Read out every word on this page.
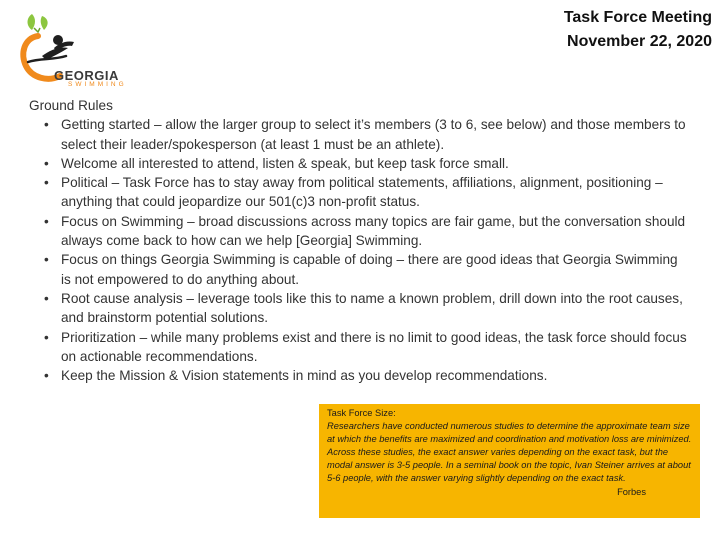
GEORGIA
SWIMMING
Task Force Meeting
November 22, 2020
Ground Rules
• Getting started – allow the larger group to select it’s members (3 to 6, see below) and those members to select their leader/spokesperson (at least 1 must be an athlete).
• Welcome all interested to attend, listen & speak, but keep task force small.
• Political – Task Force has to stay away from political statements, affiliations, alignment, positioning – anything that could jeopardize our 501(c)3 non-profit status.
• Focus on Swimming – broad discussions across many topics are fair game, but the conversation should always come back to how can we help [Georgia] Swimming.
• Focus on things Georgia Swimming is capable of doing – there are good ideas that Georgia Swimming is not empowered to do anything about.
• Root cause analysis – leverage tools like this to name a known problem, drill down into the root causes, and brainstorm potential solutions.
• Prioritization – while many problems exist and there is no limit to good ideas, the task force should focus on actionable recommendations.
• Keep the Mission & Vision statements in mind as you develop recommendations.
Task Force Size:
Researchers have conducted numerous studies to determine the approximate team size at which the benefits are maximized and coordination and motivation loss are minimized. Across these studies, the exact answer varies depending on the exact task, but the modal answer is 3-5 people. In a seminal book on the topic, Ivan Steiner arrives at about 5-6 people, with the answer varying slightly depending on the exact task.
Forbes
